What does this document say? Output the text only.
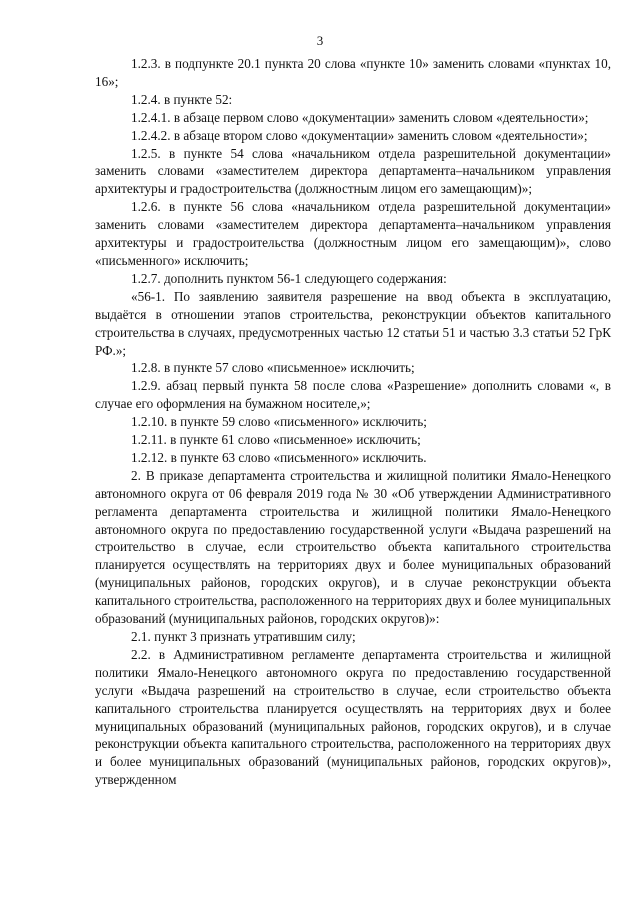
3

1.2.3. в подпункте 20.1 пункта 20 слова «пункте 10» заменить словами «пунктах 10, 16»;

1.2.4. в пункте 52:

1.2.4.1. в абзаце первом слово «документации» заменить словом «деятельности»;

1.2.4.2. в абзаце втором слово «документации» заменить словом «деятельности»;

1.2.5. в пункте 54 слова «начальником отдела разрешительной документации» заменить словами «заместителем директора департамента–начальником управления архитектуры и градостроительства (должностным лицом его замещающим)»;

1.2.6. в пункте 56 слова «начальником отдела разрешительной документации» заменить словами «заместителем директора департамента–начальником управления архитектуры и градостроительства (должностным лицом его замещающим)», слово «письменного» исключить;

1.2.7. дополнить пунктом 56-1 следующего содержания:

«56-1. По заявлению заявителя разрешение на ввод объекта в эксплуатацию, выдаётся в отношении этапов строительства, реконструкции объектов капитального строительства в случаях, предусмотренных частью 12 статьи 51 и частью 3.3 статьи 52 ГрК РФ.»;

1.2.8. в пункте 57 слово «письменное» исключить;

1.2.9. абзац первый пункта 58 после слова «Разрешение» дополнить словами «, в случае его оформления на бумажном носителе,»;

1.2.10. в пункте 59 слово «письменного» исключить;

1.2.11. в пункте 61 слово «письменное» исключить;

1.2.12. в пункте 63 слово «письменного» исключить.

2. В приказе департамента строительства и жилищной политики Ямало-Ненецкого автономного округа от 06 февраля 2019 года № 30 «Об утверждении Административного регламента департамента строительства и жилищной политики Ямало-Ненецкого автономного округа по предоставлению государственной услуги «Выдача разрешений на строительство в случае, если строительство объекта капитального строительства планируется осуществлять на территориях двух и более муниципальных образований (муниципальных районов, городских округов), и в случае реконструкции объекта капитального строительства, расположенного на территориях двух и более муниципальных образований (муниципальных районов, городских округов)»:

2.1. пункт 3 признать утратившим силу;

2.2. в Административном регламенте департамента строительства и жилищной политики Ямало-Ненецкого автономного округа по предоставлению государственной услуги «Выдача разрешений на строительство в случае, если строительство объекта капитального строительства планируется осуществлять на территориях двух и более муниципальных образований (муниципальных районов, городских округов), и в случае реконструкции объекта капитального строительства, расположенного на территориях двух и более муниципальных образований (муниципальных районов, городских округов)», утвержденном
